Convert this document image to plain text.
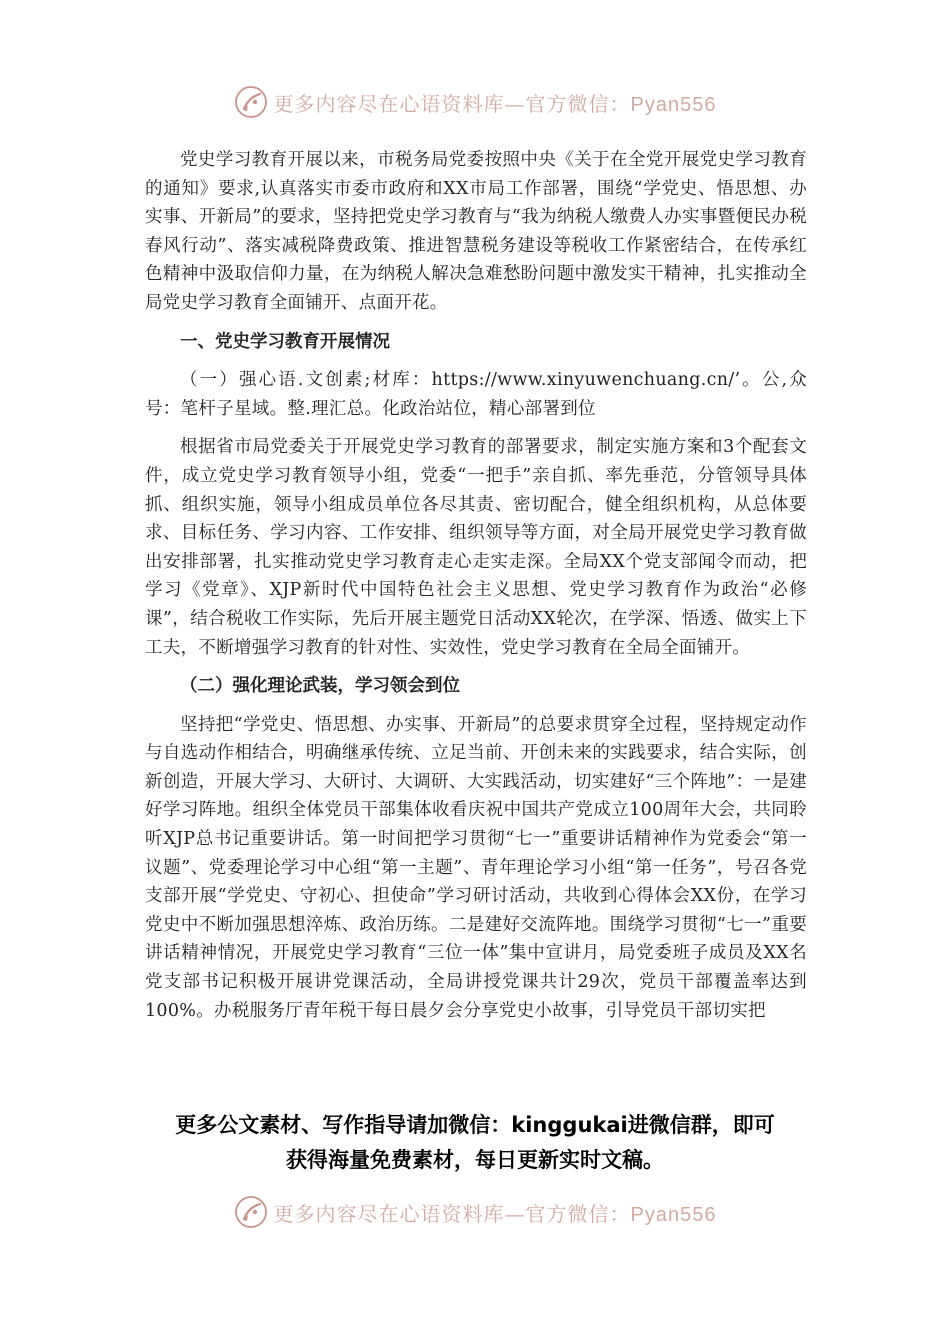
更多内容尽在心语资料库—官方微信：Pyan556

党史学习教育开展以来，市税务局党委按照中央《关于在全党开展党史学习教育的通知》要求,认真落实市委市政府和XX市局工作部署，围绕“学党史、悟思想、办实事、开新局”的要求，坚持把党史学习教育与“我为纳税人缴费人办实事暨便民办税春风行动”、落实减税降费政策、推进智慧税务建设等税收工作紧密结合，在传承红色精神中汲取信仰力量，在为纳税人解决急难愁盼问题中激发实干精神，扎实推动全局党史学习教育全面铺开、点面开花。

一、党史学习教育开展情况

（一）强心语.文创素;材库：https://www.xinyuwenchuang.cn/’。公,众号：笔杆子星域。整.理汇总。化政治站位，精心部署到位

根据省市局党委关于开展党史学习教育的部署要求，制定实施方案和3个配套文件，成立党史学习教育领导小组，党委“一把手”亲自抓、率先垂范，分管领导具体抓、组织实施，领导小组成员单位各尽其责、密切配合，健全组织机构，从总体要求、目标任务、学习内容、工作安排、组织领导等方面，对全局开展党史学习教育做出安排部署，扎实推动党史学习教育走心走实走深。全局XX个党支部闻令而动，把学习《党章》、XJP新时代中国特色社会主义思想、党史学习教育作为政治“必修课”，结合税收工作实际，先后开展主题党日活动XX轮次，在学深、悟透、做实上下工夫，不断增强学习教育的针对性、实效性，党史学习教育在全局全面铺开。

（二）强化理论武装，学习领会到位

坚持把“学党史、悟思想、办实事、开新局”的总要求贯穿全过程，坚持规定动作与自选动作相结合，明确继承传统、立足当前、开创未来的实践要求，结合实际，创新创造，开展大学习、大研讨、大调研、大实践活动，切实建好“三个阵地”：一是建好学习阵地。组织全体党员干部集体收看庆祝中国共产党成立100周年大会，共同聆听XJP总书记重要讲话。第一时间把学习贯彻“七一”重要讲话精神作为党委会“第一议题”、党委理论学习中心组“第一主题”、青年理论学习小组“第一任务”，号召各党支部开展“学党史、守初心、担使命”学习研讨活动，共收到心得体会XX份，在学习党史中不断加强思想淬炼、政治历练。二是建好交流阵地。围绕学习贯彻“七一”重要讲话精神情况，开展党史学习教育“三位一体”集中宣讲月，局党委班子成员及XX名党支部书记积极开展讲党课活动，全局讲授党课共计29次，党员干部覆盖率达到100%。办税服务厅青年税干每日晨夕会分享党史小故事，引导党员干部切实把

更多公文素材、写作指导请加微信：kinggukai进微信群，即可
获得海量免费素材，每日更新实时文稿。
更多内容尽在心语资料库—官方微信：Pyan556
